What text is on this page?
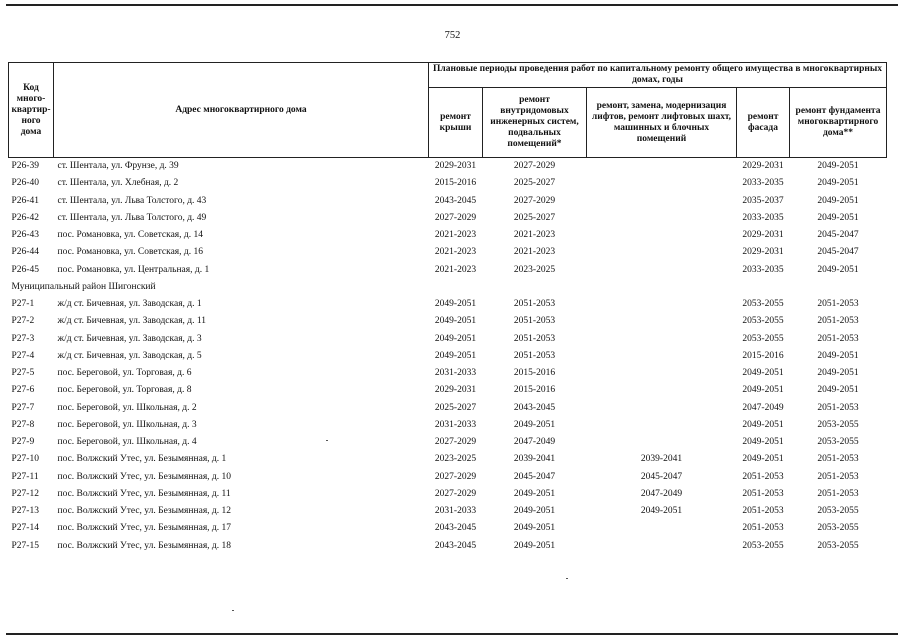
752
Код много-квартир-ного дома	Адрес многоквартирного дома	Плановые периоды проведения работ по капитальному ремонту общего имущества в многоквартирных домах, годы				
		ремонт крыши	ремонт внутридомовых инженерных систем, подвальных помещений*	ремонт, замена, модернизация лифтов, ремонт лифтовых шахт, машинных и блочных помещений	ремонт фасада	ремонт фундамента многоквартирного дома**
Р26-39	ст. Шентала, ул. Фрунзе, д. 39	2029-2031	2027-2029		2029-2031	2049-2051
Р26-40	ст. Шентала, ул. Хлебная, д. 2	2015-2016	2025-2027		2033-2035	2049-2051
Р26-41	ст. Шентала, ул. Льва Толстого, д. 43	2043-2045	2027-2029		2035-2037	2049-2051
Р26-42	ст. Шентала, ул. Льва Толстого, д. 49	2027-2029	2025-2027		2033-2035	2049-2051
Р26-43	пос. Романовка, ул. Советская, д. 14	2021-2023	2021-2023		2029-2031	2045-2047
Р26-44	пос. Романовка, ул. Советская, д. 16	2021-2023	2021-2023		2029-2031	2045-2047
Р26-45	пос. Романовка, ул. Центральная, д. 1	2021-2023	2023-2025		2033-2035	2049-2051
Муниципальный район Шигонский						
Р27-1	ж/д ст. Бичевная, ул. Заводская, д. 1	2049-2051	2051-2053		2053-2055	2051-2053
Р27-2	ж/д ст. Бичевная, ул. Заводская, д. 11	2049-2051	2051-2053		2053-2055	2051-2053
Р27-3	ж/д ст. Бичевная, ул. Заводская, д. 3	2049-2051	2051-2053		2053-2055	2051-2053
Р27-4	ж/д ст. Бичевная, ул. Заводская, д. 5	2049-2051	2051-2053		2015-2016	2049-2051
Р27-5	пос. Береговой, ул. Торговая, д. 6	2031-2033	2015-2016		2049-2051	2049-2051
Р27-6	пос. Береговой, ул. Торговая, д. 8	2029-2031	2015-2016		2049-2051	2049-2051
Р27-7	пос. Береговой, ул. Школьная, д. 2	2025-2027	2043-2045		2047-2049	2051-2053
Р27-8	пос. Береговой, ул. Школьная, д. 3	2031-2033	2049-2051		2049-2051	2053-2055
Р27-9	пос. Береговой, ул. Школьная, д. 4	2027-2029	2047-2049		2049-2051	2053-2055
Р27-10	пос. Волжский Утес, ул. Безымянная, д. 1	2023-2025	2039-2041	2039-2041	2049-2051	2051-2053
Р27-11	пос. Волжский Утес, ул. Безымянная, д. 10	2027-2029	2045-2047	2045-2047	2051-2053	2051-2053
Р27-12	пос. Волжский Утес, ул. Безымянная, д. 11	2027-2029	2049-2051	2047-2049	2051-2053	2051-2053
Р27-13	пос. Волжский Утес, ул. Безымянная, д. 12	2031-2033	2049-2051	2049-2051	2051-2053	2053-2055
Р27-14	пос. Волжский Утес, ул. Безымянная, д. 17	2043-2045	2049-2051		2051-2053	2053-2055
Р27-15	пос. Волжский Утес, ул. Безымянная, д. 18	2043-2045	2049-2051		2053-2055	2053-2055
